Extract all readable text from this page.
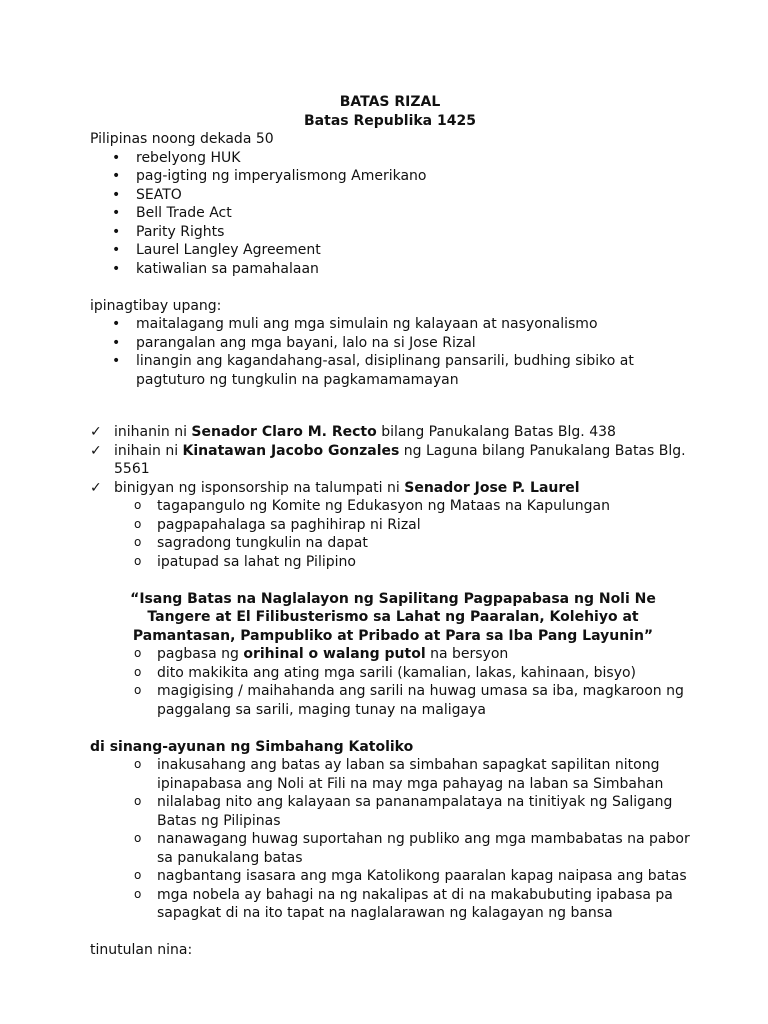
BATAS RIZAL

Batas Republika 1425

Pilipinas noong dekada 50

• rebelyong HUK

• pag-igting ng imperyalismong Amerikano

• SEATO

• Bell Trade Act

• Parity Rights

• Laurel Langley Agreement

• katiwalian sa pamahalaan

ipinagtibay upang:

• maitalagang muli ang mga simulain ng kalayaan at nasyonalismo

• parangalan ang mga bayani, lalo na si Jose Rizal

• linangin ang kagandahang-asal, disiplinang pansarili, budhing sibiko at pagtuturo ng tungkulin na pagkamamamayan

✓ inihanin ni Senador Claro M. Recto bilang Panukalang Batas Blg. 438

✓ inihain ni Kinatawan Jacobo Gonzales ng Laguna bilang Panukalang Batas Blg. 5561

✓ binigyan ng isponsorship na talumpati ni Senador Jose P. Laurel

o tagapangulo ng Komite ng Edukasyon ng Mataas na Kapulungan

o pagpapahalaga sa paghihirap ni Rizal

o sagradong tungkulin na dapat

o ipatupad sa lahat ng Pilipino

“Isang Batas na Naglalayon ng Sapilitang Pagpapabasa ng Noli Ne Tangere at El Filibusterismo sa Lahat ng Paaralan, Kolehiyo at Pamantasan, Pampubliko at Pribado at Para sa Iba Pang Layunin”

o pagbasa ng orihinal o walang putol na bersyon

o dito makikita ang ating mga sarili (kamalian, lakas, kahinaan, bisyo)

o magigising / maihahanda ang sarili na huwag umasa sa iba, magkaroon ng paggalang sa sarili, maging tunay na maligaya

di sinang-ayunan ng Simbahang Katoliko

o inakusahang ang batas ay laban sa simbahan sapagkat sapilitan nitong ipinapabasa ang Noli at Fili na may mga pahayag na laban sa Simbahan

o nilalabag nito ang kalayaan sa pananampalataya na tinitiyak ng Saligang Batas ng Pilipinas

o nanawagang huwag suportahan ng publiko ang mga mambabatas na pabor sa panukalang batas

o nagbantang isasara ang mga Katolikong paaralan kapag naipasa ang batas

o mga nobela ay bahagi na ng nakalipas at di na makabubuting ipabasa pa sapagkat di na ito tapat na naglalarawan ng kalagayan ng bansa

tinutulan nina:
